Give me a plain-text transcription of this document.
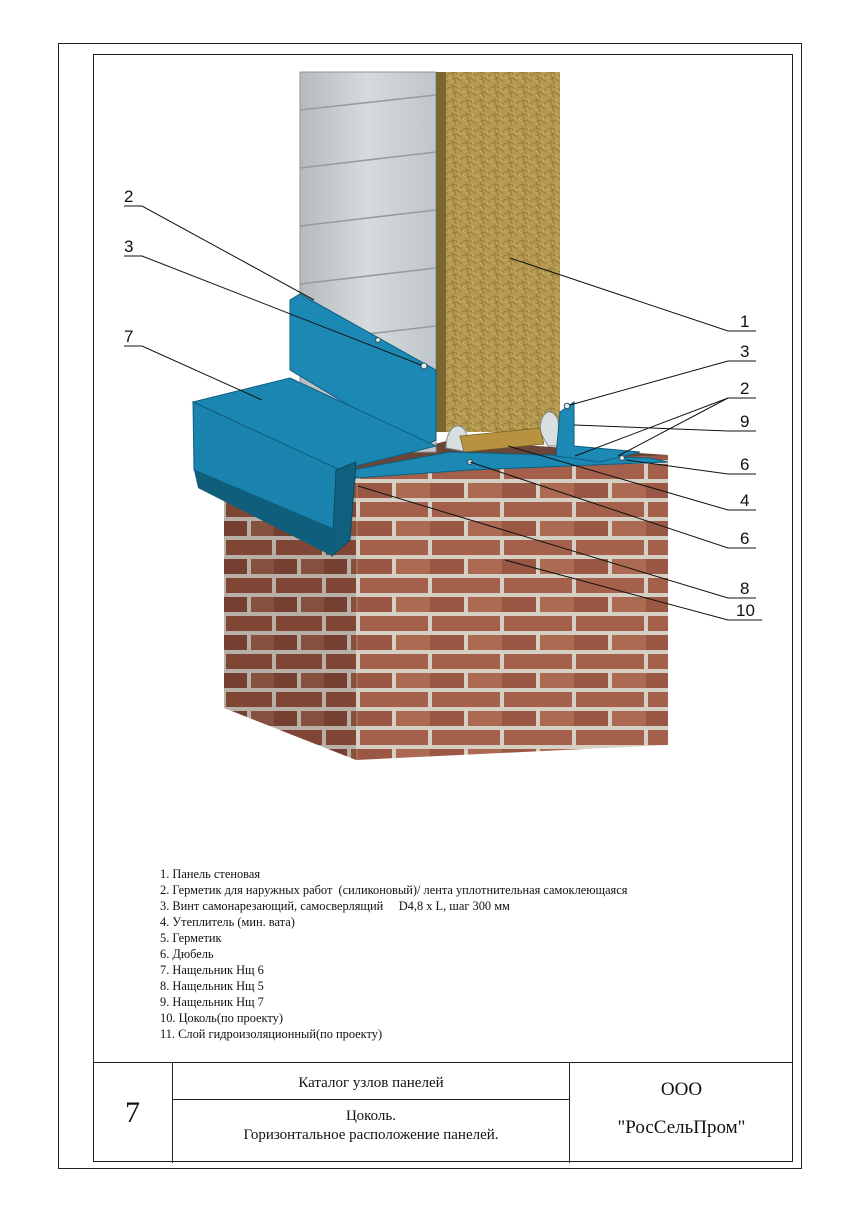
2
3
7
1
3
2
9
6
4
6
8
10
1. Панель стеновая
2. Герметик для наружных работ  (силиконовый)/ лента уплотнительная самоклеющаяся
3. Винт самонарезающий, самосверлящий     D4,8 x L, шаг 300 мм
4. Утеплитель (мин. вата)
5. Герметик
6. Дюбель
7. Нащельник Нщ 6
8. Нащельник Нщ 5
9. Нащельник Нщ 7
10. Цоколь(по проекту)
11. Слой гидроизоляционный(по проекту)
7
Каталог узлов панелей
Цоколь.
Горизонтальное расположение панелей.
ООО
"РосСельПром"
